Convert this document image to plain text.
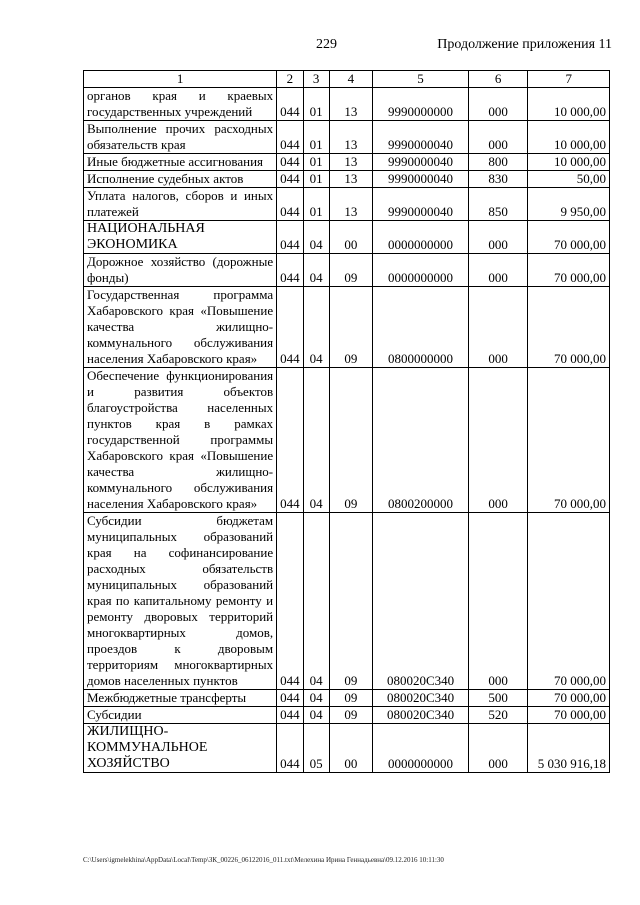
229	Продолжение приложения 11
1	2	3	4	5	6	7
органов края и краевых государственных учреждений	044	01	13	9990000000	000	10 000,00
Выполнение прочих расходных обязательств края	044	01	13	9990000040	000	10 000,00
Иные бюджетные ассигнования	044	01	13	9990000040	800	10 000,00
Исполнение судебных актов	044	01	13	9990000040	830	50,00
Уплата налогов, сборов и иных платежей	044	01	13	9990000040	850	9 950,00
НАЦИОНАЛЬНАЯ ЭКОНОМИКА	044	04	00	0000000000	000	70 000,00
Дорожное хозяйство (дорожные фонды)	044	04	09	0000000000	000	70 000,00
Государственная программа Хабаровского края «Повышение качества жилищно-коммунального обслуживания населения Хабаровского края»	044	04	09	0800000000	000	70 000,00
Обеспечение функционирования и развития объектов благоустройства населенных пунктов края в рамках государственной программы Хабаровского края «Повышение качества жилищно-коммунального обслуживания населения Хабаровского края»	044	04	09	0800200000	000	70 000,00
Субсидии бюджетам муниципальных образований края на софинансирование расходных обязательств муниципальных образований края по капитальному ремонту и ремонту дворовых территорий многоквартирных домов, проездов к дворовым территориям многоквартирных домов населенных пунктов	044	04	09	080020С340	000	70 000,00
Межбюджетные трансферты	044	04	09	080020С340	500	70 000,00
Субсидии	044	04	09	080020С340	520	70 000,00
ЖИЛИЩНО-КОММУНАЛЬНОЕ ХОЗЯЙСТВО	044	05	00	0000000000	000	5 030 916,18
C:\Users\igmelekhina\AppData\Local\Temp\ЗК_00226_06122016_011.txt\Мелехина Ирина Геннадьевна\09.12.2016 10:11:30
